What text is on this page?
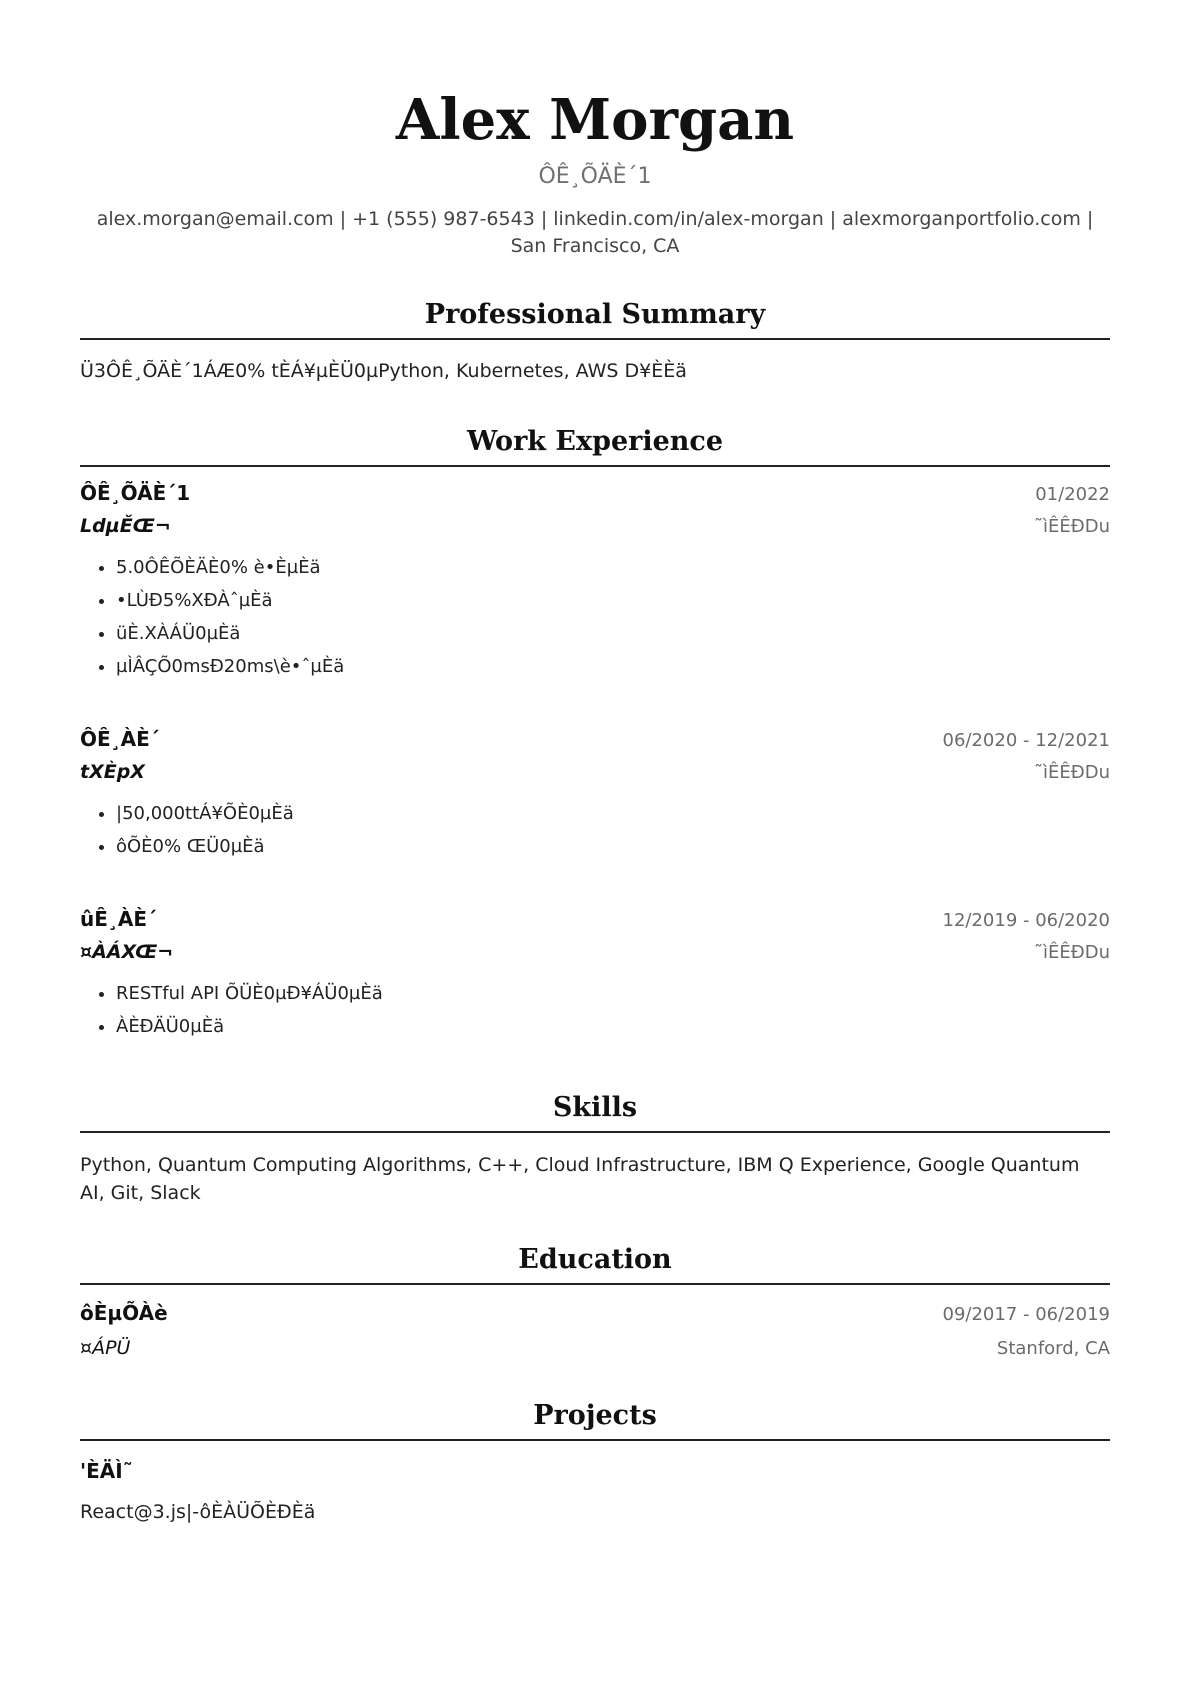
Alex Morgan
ÔÊ¸ÕÄÈ´1
alex.morgan@email.com | +1 (555) 987-6543 | linkedin.com/in/alex-morgan | alexmorganportfolio.com | San Francisco, CA
Professional Summary
Ü3ÔÊ¸ÕÄÈ´1ÁÆ0% tÈÁ¥µÈÜ0µPython, Kubernetes, AWS D¥ÈÈä
Work Experience
ÔÊ¸ÕÄÈ´1	01/2022
LdµĚŒ¬	˜ìÊÊÐDu
• 5.0ÔÊÕÈÄÈ0% è•ÈµÈä
• •LÙÐ5%XÐÀˆµÈä
• üÈ.XÀÁÜ0µÈä
• µÌÂÇÕ0msÐ20ms\è•ˆµÈä
ÔÊ¸ÀÈ´	06/2020 - 12/2021
tXÈpX	˜ìÊÊÐDu
• |50,000ttÁ¥ÕÈ0µÈä
• ôÕÈ0% ŒÜ0µÈä
ûÊ¸ÀÈ´	12/2019 - 06/2020
¤ÀÁXŒ¬	˜ìÊÊÐDu
• RESTful API ÕÜÈ0µÐ¥ÁÜ0µÈä
• ÀÈÐÄÜ0µÈä
Skills
Python, Quantum Computing Algorithms, C++, Cloud Infrastructure, IBM Q Experience, Google Quantum AI, Git, Slack
Education
ôÈµÕÀè	09/2017 - 06/2019
¤ÁPÜ	Stanford, CA
Projects
'ÈÄÌ˜
React@3.js|-ôÈÀÜÕÈÐÈä
